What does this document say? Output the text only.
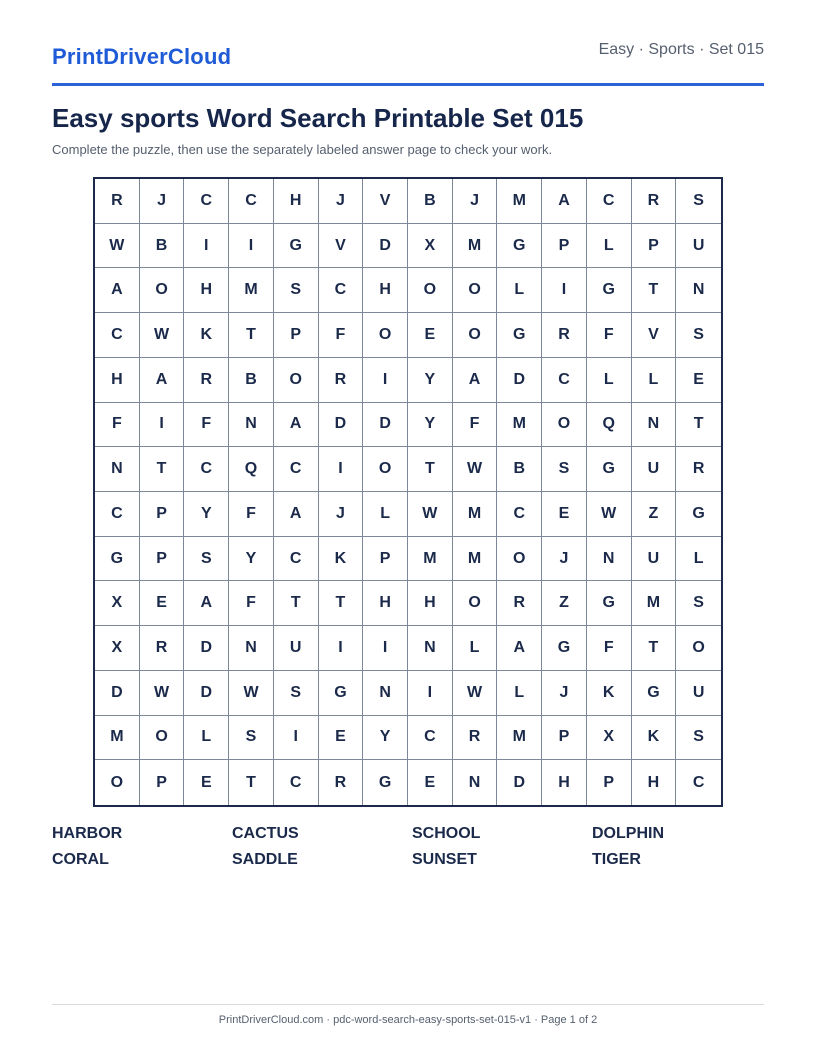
PrintDriverCloud	Easy · Sports · Set 015
Easy sports Word Search Printable Set 015
Complete the puzzle, then use the separately labeled answer page to check your work.
R	J	C	C	H	J	V	B	J	M	A	C	R	S
W	B	I	I	G	V	D	X	M	G	P	L	P	U
A	O	H	M	S	C	H	O	O	L	I	G	T	N
C	W	K	T	P	F	O	E	O	G	R	F	V	S
H	A	R	B	O	R	I	Y	A	D	C	L	L	E
F	I	F	N	A	D	D	Y	F	M	O	Q	N	T
N	T	C	Q	C	I	O	T	W	B	S	G	U	R
C	P	Y	F	A	J	L	W	M	C	E	W	Z	G
G	P	S	Y	C	K	P	M	M	O	J	N	U	L
X	E	A	F	T	T	H	H	O	R	Z	G	M	S
X	R	D	N	U	I	I	N	L	A	G	F	T	O
D	W	D	W	S	G	N	I	W	L	J	K	G	U
M	O	L	S	I	E	Y	C	R	M	P	X	K	S
O	P	E	T	C	R	G	E	N	D	H	P	H	C
HARBOR	CACTUS	SCHOOL	DOLPHIN
CORAL	SADDLE	SUNSET	TIGER
PrintDriverCloud.com · pdc-word-search-easy-sports-set-015-v1 · Page 1 of 2
